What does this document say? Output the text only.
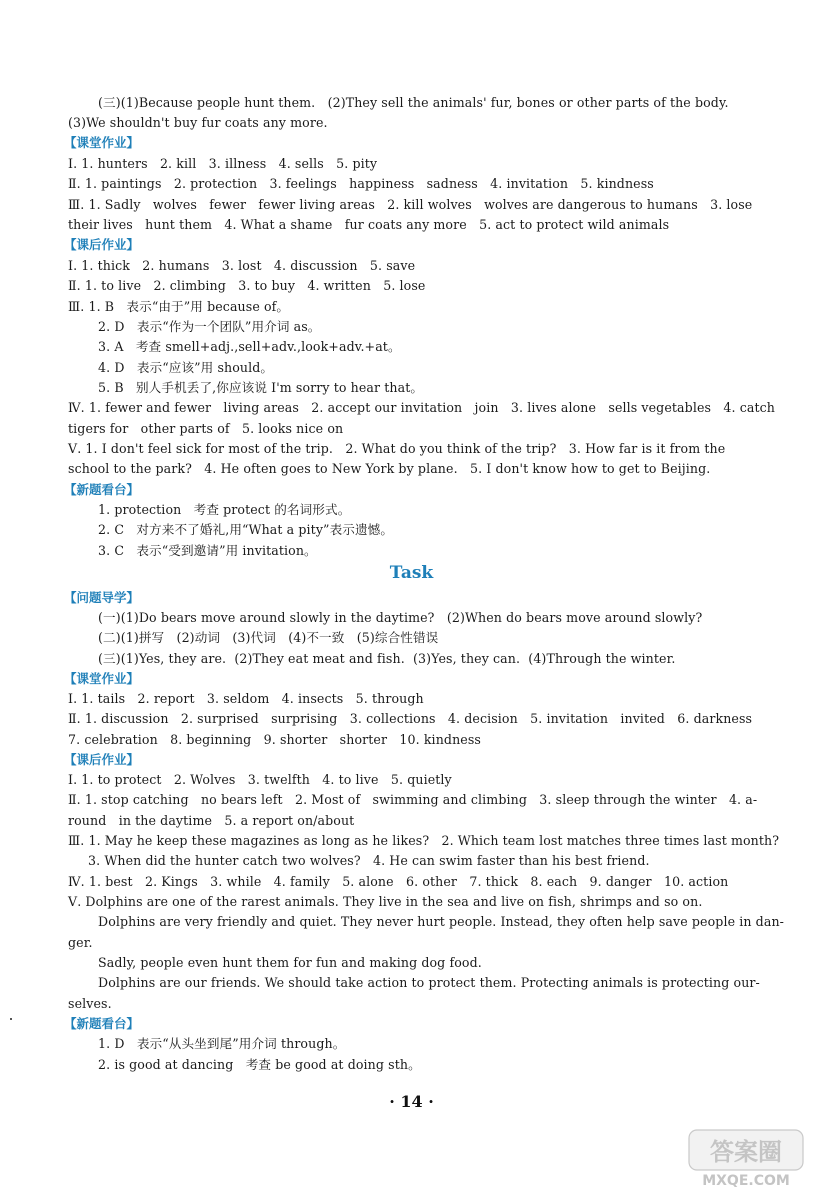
(三)(1)Because people hunt them.   (2)They sell the animals' fur, bones or other parts of the body.
(3)We shouldn't buy fur coats any more.
【课堂作业】
Ⅰ. 1. hunters   2. kill   3. illness   4. sells   5. pity
Ⅱ. 1. paintings   2. protection   3. feelings   happiness   sadness   4. invitation   5. kindness
Ⅲ. 1. Sadly   wolves   fewer   fewer living areas   2. kill wolves   wolves are dangerous to humans   3. lose
their lives   hunt them   4. What a shame   fur coats any more   5. act to protect wild animals
【课后作业】
Ⅰ. 1. thick   2. humans   3. lost   4. discussion   5. save
Ⅱ. 1. to live   2. climbing   3. to buy   4. written   5. lose
Ⅲ. 1. B   表示“由于”用 because of。
2. D   表示“作为一个团队”用介词 as。
3. A   考查 smell+adj.,sell+adv.,look+adv.+at。
4. D   表示“应该”用 should。
5. B   别人手机丢了,你应该说 I'm sorry to hear that。
Ⅳ. 1. fewer and fewer   living areas   2. accept our invitation   join   3. lives alone   sells vegetables   4. catch
tigers for   other parts of   5. looks nice on
Ⅴ. 1. I don't feel sick for most of the trip.   2. What do you think of the trip?   3. How far is it from the
school to the park?   4. He often goes to New York by plane.   5. I don't know how to get to Beijing.
【新题看台】
1. protection   考查 protect 的名词形式。
2. C   对方来不了婚礼,用“What a pity”表示遗憾。
3. C   表示“受到邀请”用 invitation。
Task
【问题导学】
(一)(1)Do bears move around slowly in the daytime?   (2)When do bears move around slowly?
(二)(1)拼写   (2)动词   (3)代词   (4)不一致   (5)综合性错误
(三)(1)Yes, they are.  (2)They eat meat and fish.  (3)Yes, they can.  (4)Through the winter.
【课堂作业】
Ⅰ. 1. tails   2. report   3. seldom   4. insects   5. through
Ⅱ. 1. discussion   2. surprised   surprising   3. collections   4. decision   5. invitation   invited   6. darkness
7. celebration   8. beginning   9. shorter   shorter   10. kindness
【课后作业】
Ⅰ. 1. to protect   2. Wolves   3. twelfth   4. to live   5. quietly
Ⅱ. 1. stop catching   no bears left   2. Most of   swimming and climbing   3. sleep through the winter   4. a-
round   in the daytime   5. a report on/about
Ⅲ. 1. May he keep these magazines as long as he likes?   2. Which team lost matches three times last month?
3. When did the hunter catch two wolves?   4. He can swim faster than his best friend.
Ⅳ. 1. best   2. Kings   3. while   4. family   5. alone   6. other   7. thick   8. each   9. danger   10. action
Ⅴ. Dolphins are one of the rarest animals. They live in the sea and live on fish, shrimps and so on.
Dolphins are very friendly and quiet. They never hurt people. Instead, they often help save people in dan-
ger.
Sadly, people even hunt them for fun and making dog food.
Dolphins are our friends. We should take action to protect them. Protecting animals is protecting our-
selves.
【新题看台】
1. D   表示“从头坐到尾”用介词 through。
2. is good at dancing   考查 be good at doing sth。
· 14 ·
答案圈
MXQE.COM
